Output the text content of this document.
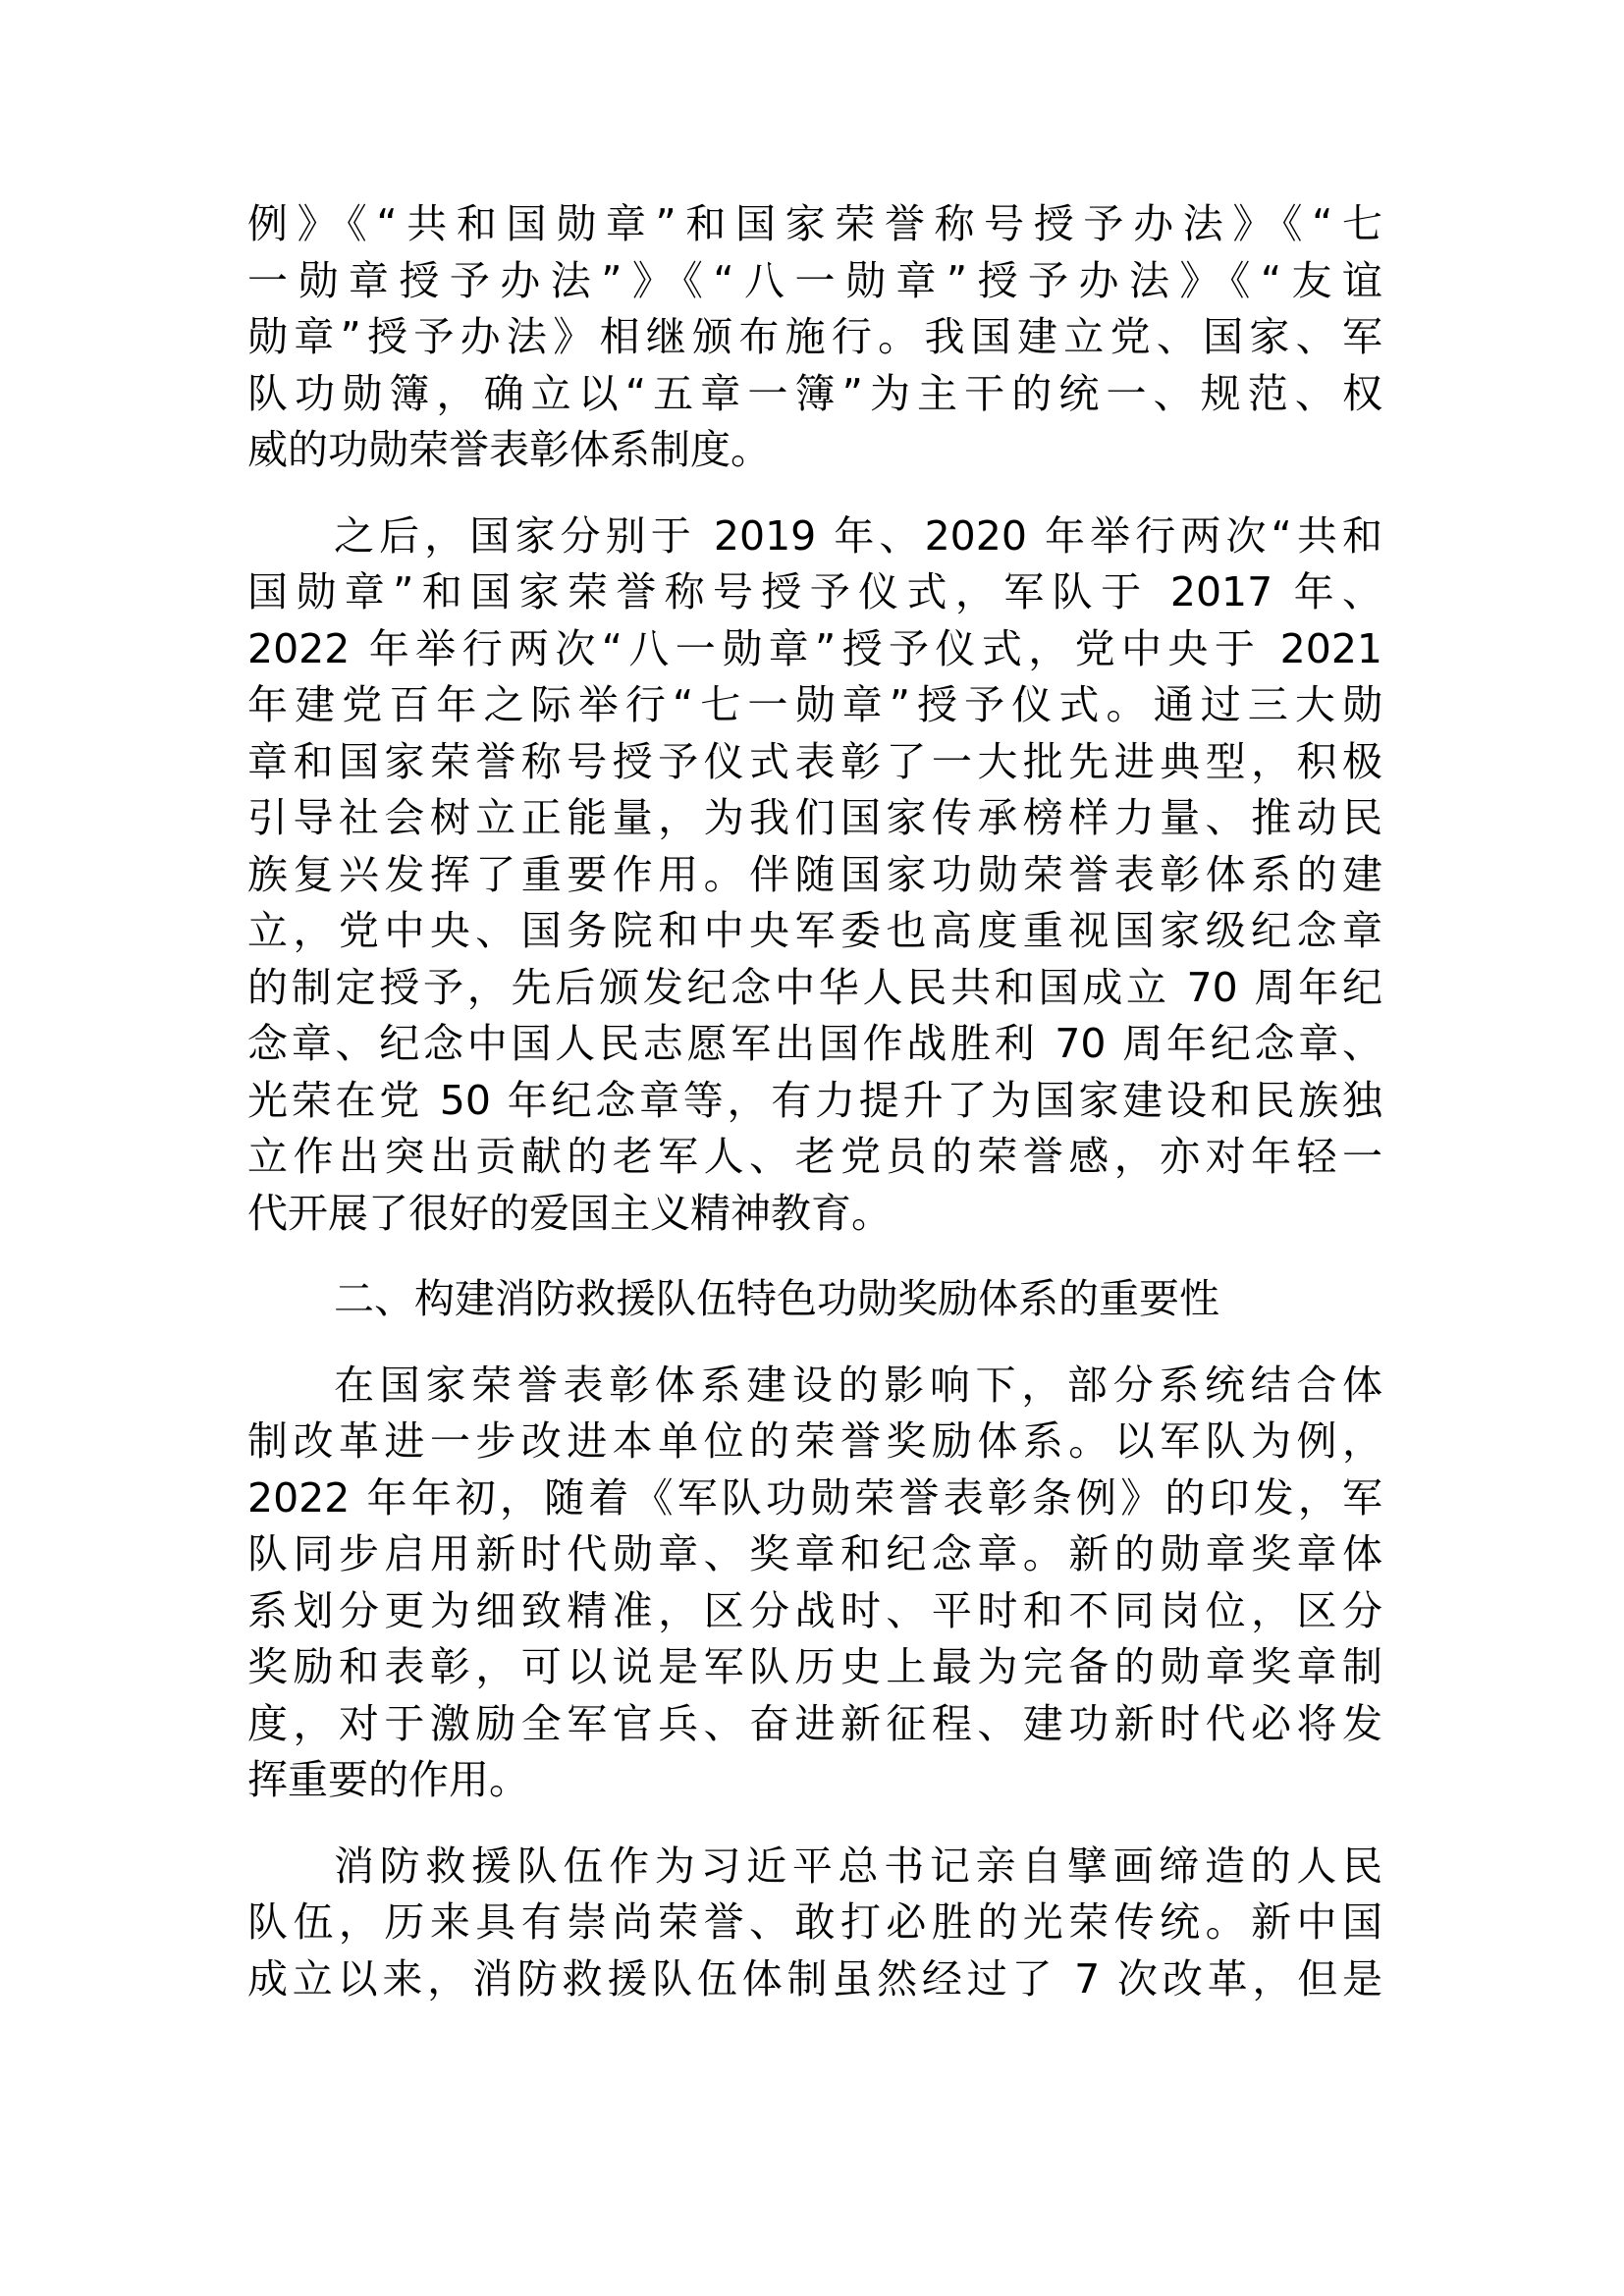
例》《“共和国勋章”和国家荣誉称号授予办法》《“七
一勋章授予办法”》《“八一勋章”授予办法》《“友谊
勋章”授予办法》相继颁布施行。我国建立党、国家、军
队功勋簿，确立以“五章一簿”为主干的统一、规范、权
威的功勋荣誉表彰体系制度。
之后，国家分别于 2019 年、2020 年举行两次“共和
国勋章”和国家荣誉称号授予仪式，军队于 2017 年、
2022 年举行两次“八一勋章”授予仪式，党中央于 2021
年建党百年之际举行“七一勋章”授予仪式。通过三大勋
章和国家荣誉称号授予仪式表彰了一大批先进典型，积极
引导社会树立正能量，为我们国家传承榜样力量、推动民
族复兴发挥了重要作用。伴随国家功勋荣誉表彰体系的建
立，党中央、国务院和中央军委也高度重视国家级纪念章
的制定授予，先后颁发纪念中华人民共和国成立 70 周年纪
念章、纪念中国人民志愿军出国作战胜利 70 周年纪念章、
光荣在党 50 年纪念章等，有力提升了为国家建设和民族独
立作出突出贡献的老军人、老党员的荣誉感，亦对年轻一
代开展了很好的爱国主义精神教育。
二、构建消防救援队伍特色功勋奖励体系的重要性
在国家荣誉表彰体系建设的影响下，部分系统结合体
制改革进一步改进本单位的荣誉奖励体系。以军队为例，
2022 年年初，随着《军队功勋荣誉表彰条例》的印发，军
队同步启用新时代勋章、奖章和纪念章。新的勋章奖章体
系划分更为细致精准，区分战时、平时和不同岗位，区分
奖励和表彰，可以说是军队历史上最为完备的勋章奖章制
度，对于激励全军官兵、奋进新征程、建功新时代必将发
挥重要的作用。
消防救援队伍作为习近平总书记亲自擘画缔造的人民
队伍，历来具有崇尚荣誉、敢打必胜的光荣传统。新中国
成立以来，消防救援队伍体制虽然经过了 7 次改革，但是
